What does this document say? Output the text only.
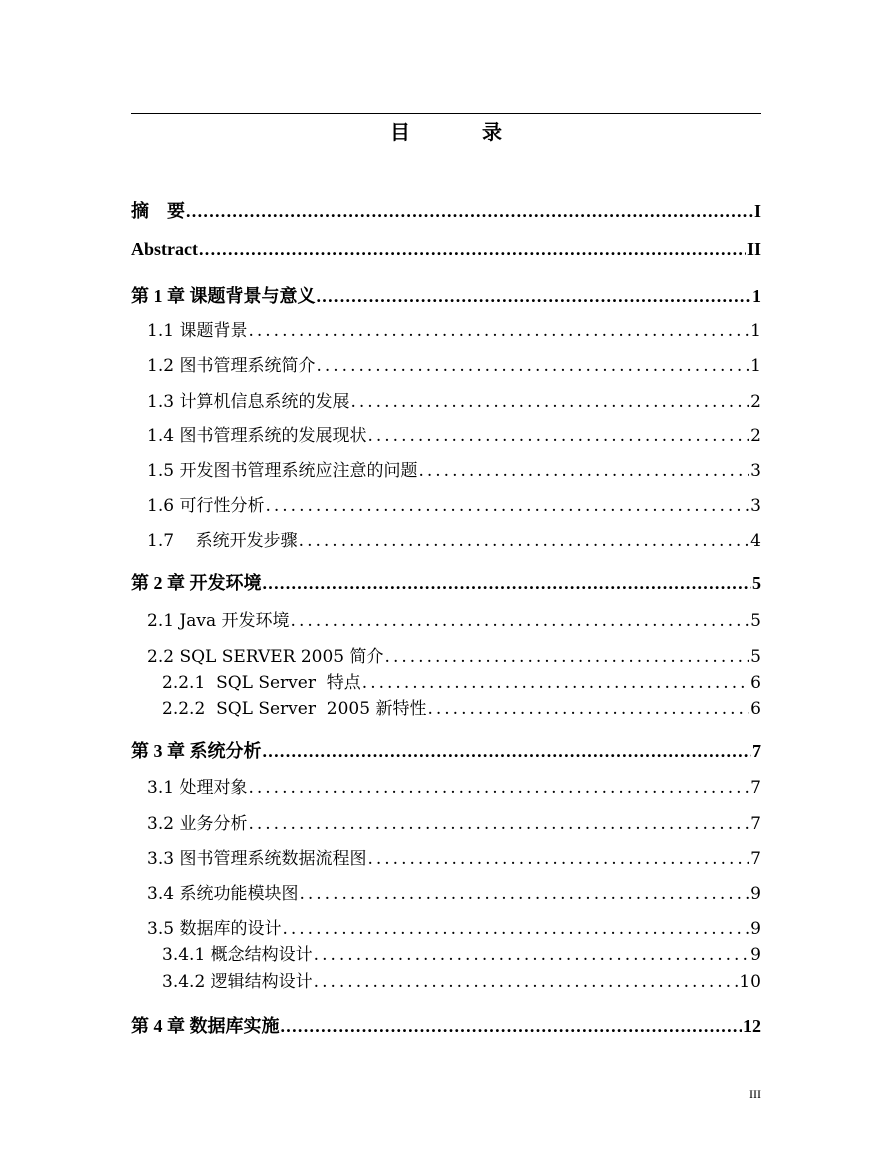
目　录
摘　要 . . .	I
Abstract . . .	II
第 1 章 课题背景与意义 . . .	1
1.1 课题背景 . . .	1
1.2 图书管理系统简介 . . .	1
1.3 计算机信息系统的发展 . . .	2
1.4 图书管理系统的发展现状 . . .	2
1.5 开发图书管理系统应注意的问题 . . .	3
1.6 可行性分析 . . .	3
1.7    系统开发步骤 . . .	4
第 2 章 开发环境 . . .	5
2.1 Java 开发环境 . . .	5
2.2 SQL SERVER 2005 简介 . . .	5
2.2.1  SQL Server  特点 . . .	6
2.2.2  SQL Server  2005 新特性 . . .	6
第 3 章 系统分析 . . .	7
3.1 处理对象 . . .	7
3.2 业务分析 . . .	7
3.3 图书管理系统数据流程图 . . .	7
3.4 系统功能模块图 . . .	9
3.5 数据库的设计 . . .	9
3.4.1 概念结构设计 . . .	9
3.4.2 逻辑结构设计 . . .	10
第 4 章 数据库实施 . . .	12
III
